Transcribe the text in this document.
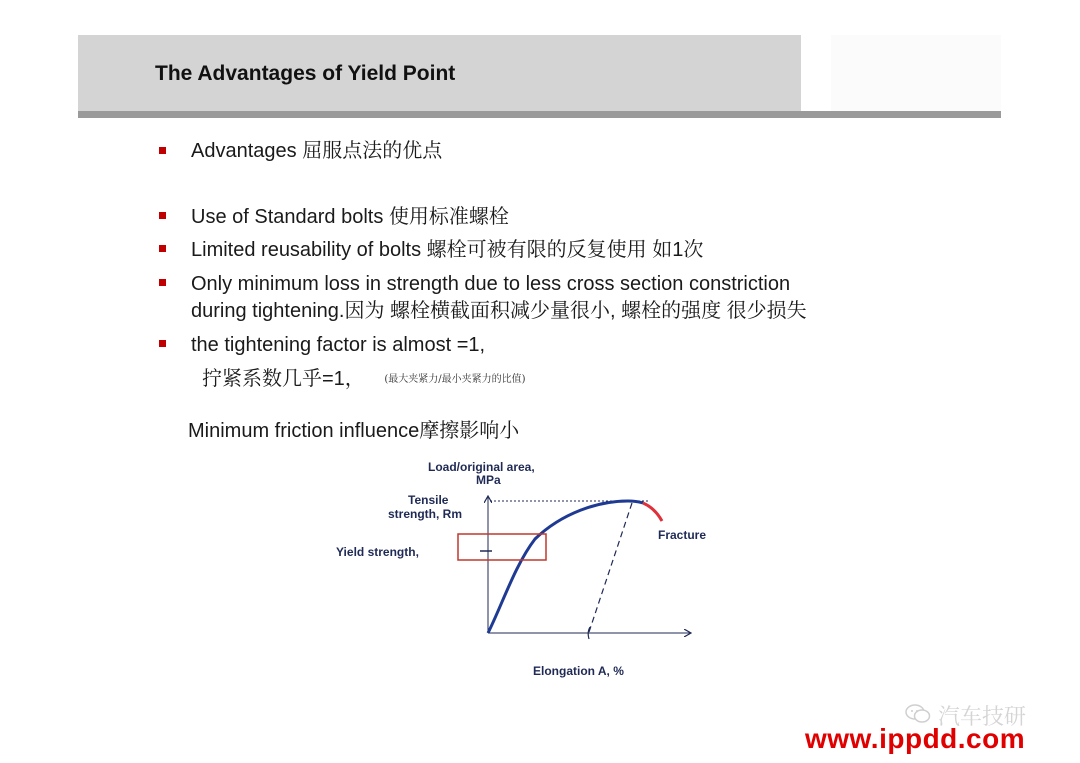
The Advantages of Yield Point
Advantages 屈服点法的优点
Use of Standard bolts 使用标准螺栓
Limited reusability of bolts 螺栓可被有限的反复使用 如1次
Only minimum loss in strength due to less cross section constriction
during tightening.因为 螺栓横截面积减少量很小, 螺栓的强度 很少损失
the tightening factor is almost =1,
拧紧系数几乎=1， (最大夹紧力/最小夹紧力的比值)
Minimum friction influence摩擦影响小
Load/original area,
MPa
Tensile
strength, Rm
Yield strength,
Fracture
Elongation A, %
汽车技研
www.ippdd.com
